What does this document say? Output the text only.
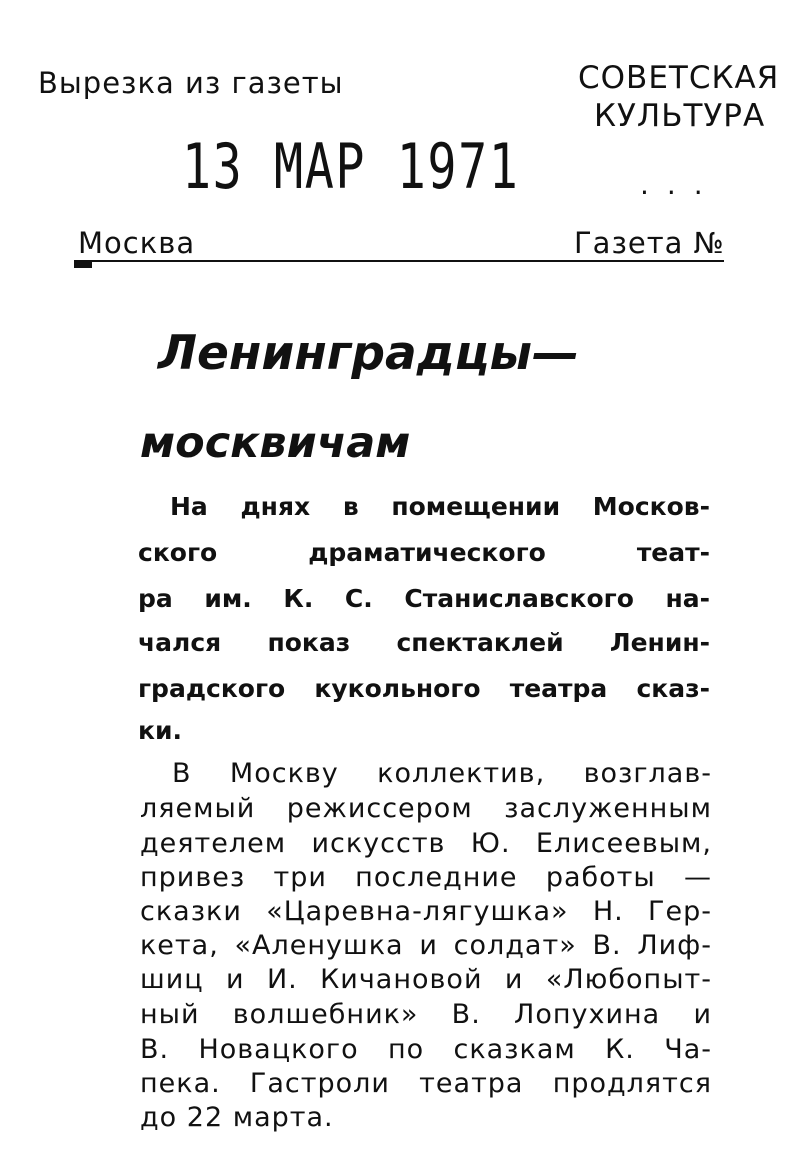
Вырезка из газеты	СОВЕТСКАЯ
КУЛЬТУРА
13 МАР 1971	...
Москва	Газета №
Ленинградцы—
москвичам
На днях в помещении Москов-
ского драматического теат-
ра им. К. С. Станиславского на-
чался показ спектаклей Ленин-
градского кукольного театра сказ-
ки.
В Москву коллектив, возглав-
ляемый режиссером заслуженным
деятелем искусств Ю. Елисеевым,
привез три последние работы —
сказки «Царевна-лягушка» Н. Гер-
кета, «Аленушка и солдат» В. Лиф-
шиц и И. Кичановой и «Любопыт-
ный волшебник» В. Лопухина и
В. Новацкого по сказкам К. Ча-
пека. Гастроли театра продлятся
до 22 марта.
